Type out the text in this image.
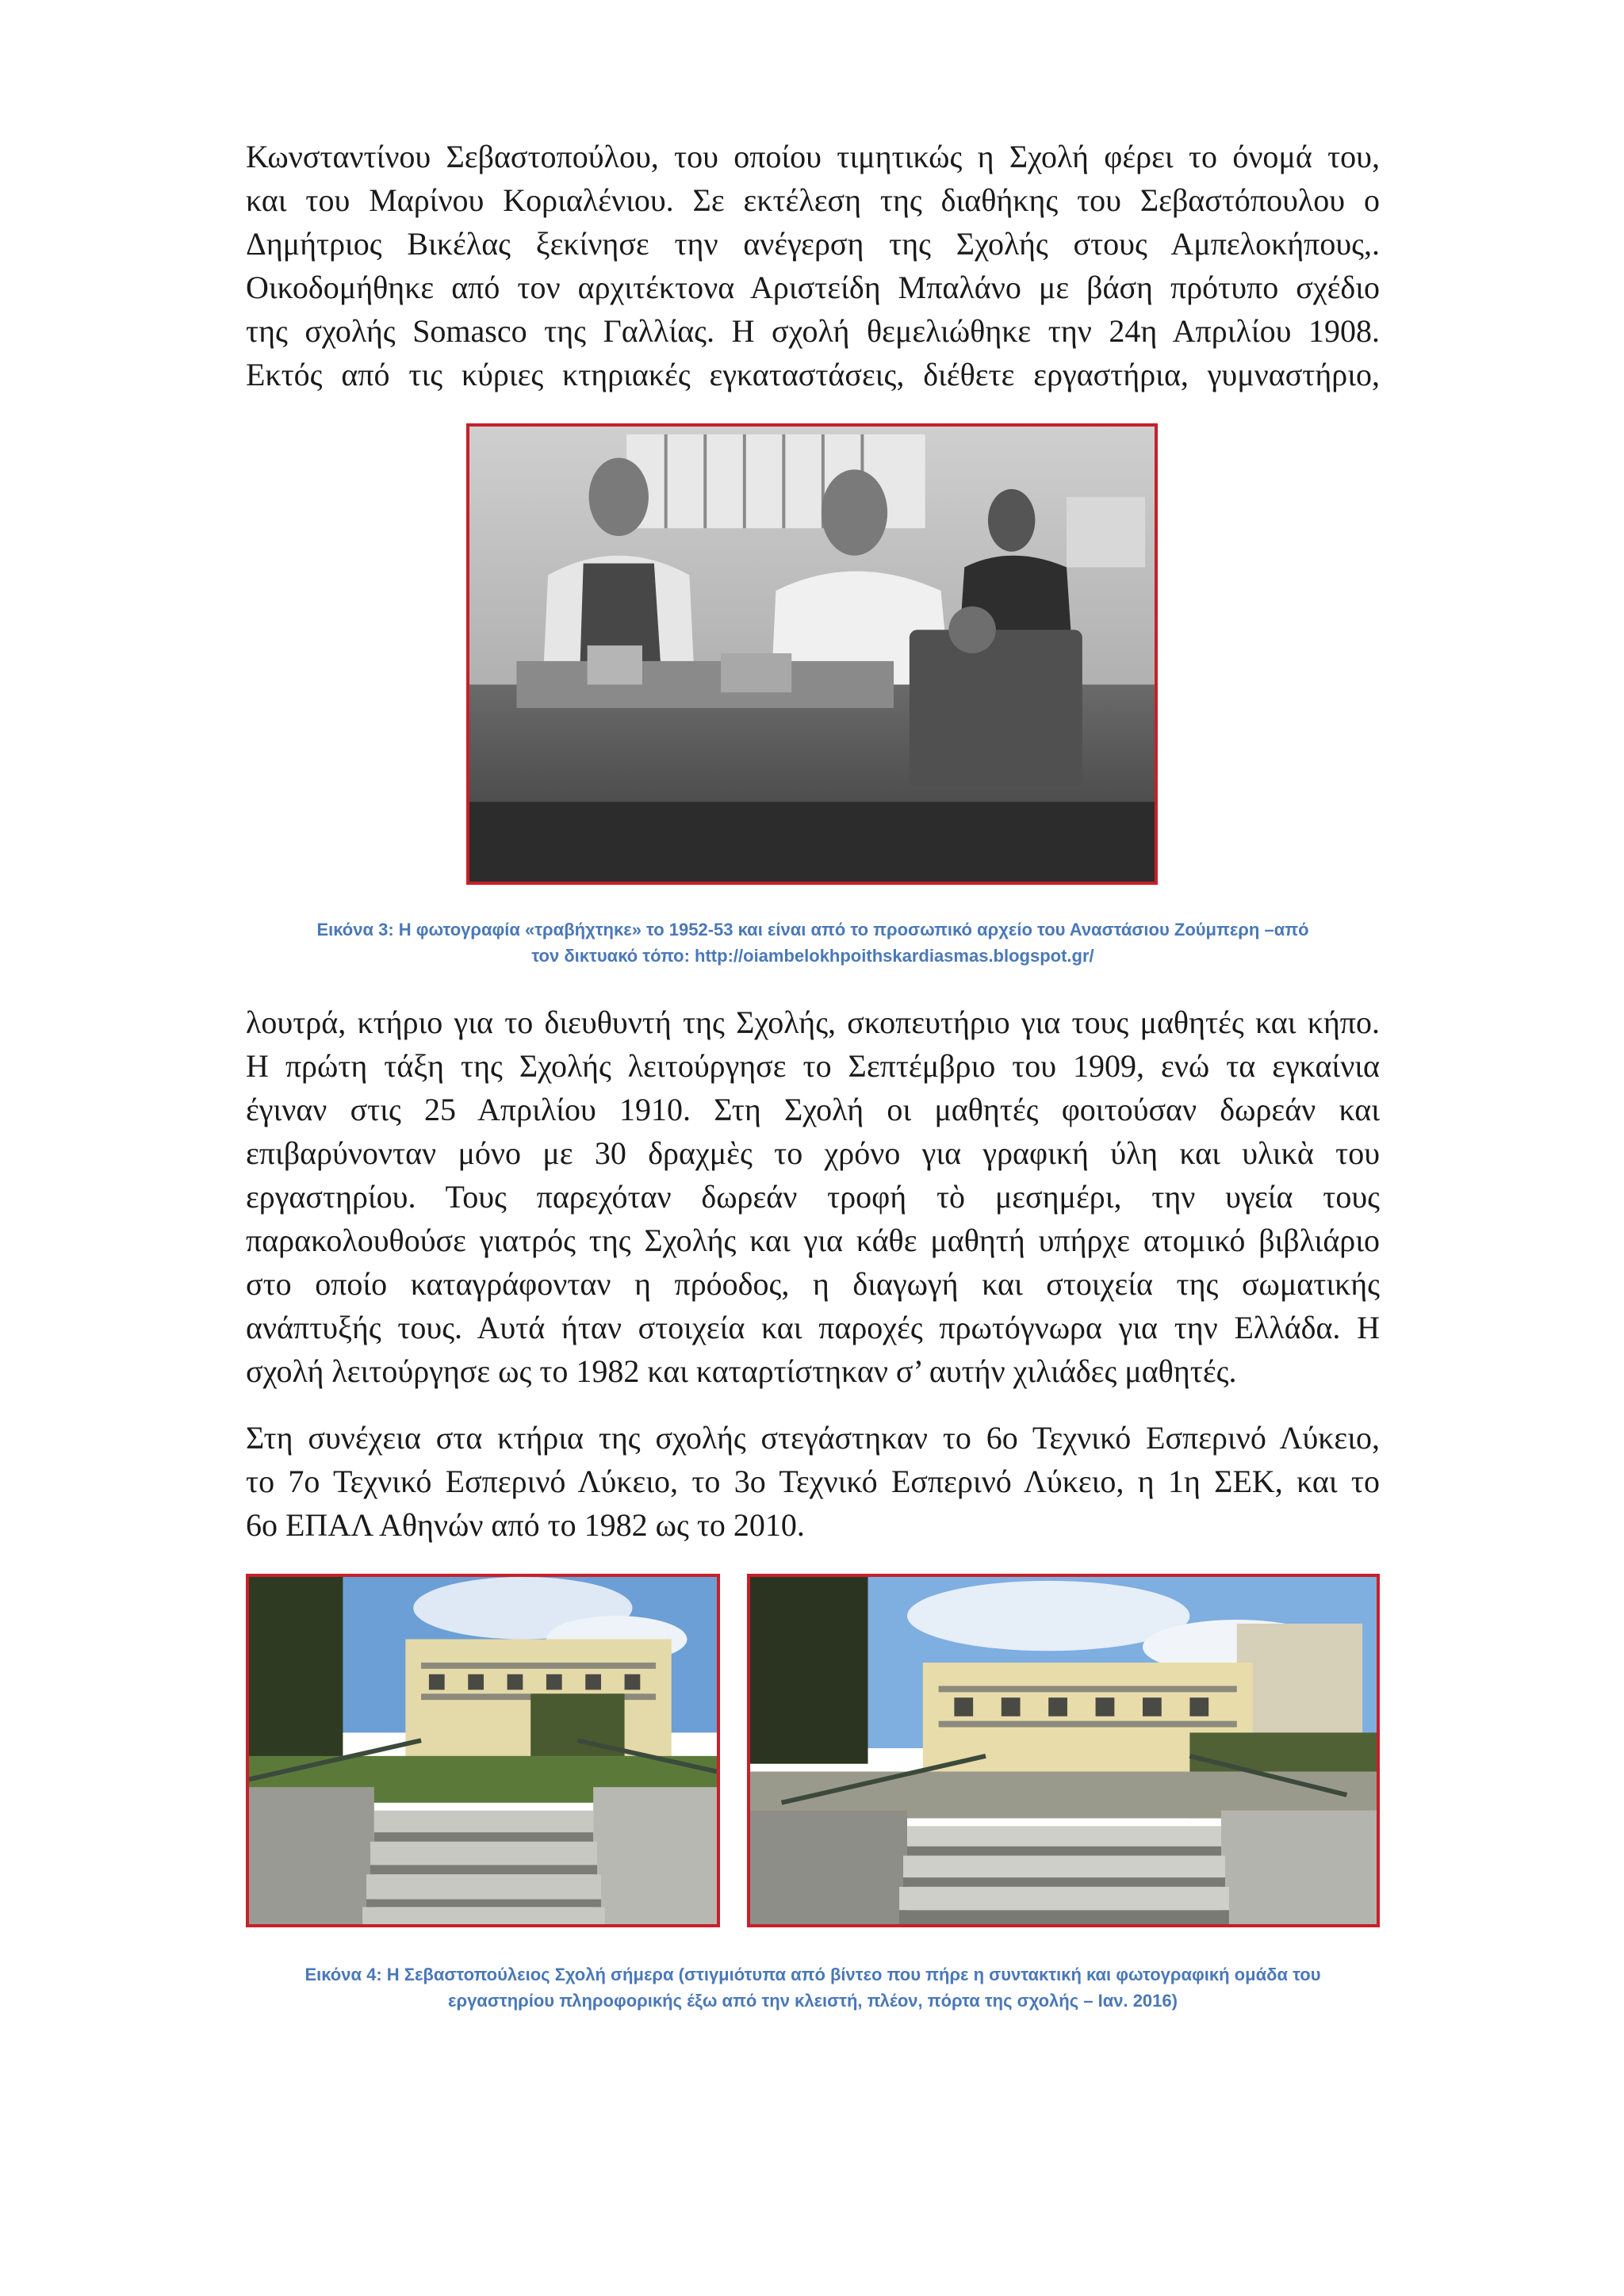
Κωνσταντίνου Σεβαστοπούλου, του οποίου τιμητικώς η Σχολή φέρει το όνομά του,
και του Μαρίνου Κοριαλένιου. Σε εκτέλεση της διαθήκης του Σεβαστόπουλου ο
Δημήτριος Βικέλας ξεκίνησε την ανέγερση της Σχολής στους Αμπελοκήπους,.
Οικοδομήθηκε από τον αρχιτέκτονα Αριστείδη Μπαλάνο με βάση πρότυπο σχέδιο
της σχολής Somasco της Γαλλίας. Η σχολή θεμελιώθηκε την 24η Απριλίου 1908.
Εκτός από τις κύριες κτηριακές εγκαταστάσεις, διέθετε εργαστήρια, γυμναστήριο,

Εικόνα 3: Η φωτογραφία «τραβήχτηκε» το 1952-53 και είναι από το προσωπικό αρχείο του Αναστάσιου Ζούμπερη –από
τον δικτυακό τόπο: http://oiambelokhpoithskardiasmas.blogspot.gr/

λουτρά, κτήριο για το διευθυντή της Σχολής, σκοπευτήριο για τους μαθητές και κήπο.
Η πρώτη τάξη της Σχολής λειτούργησε το Σεπτέμβριο του 1909, ενώ τα εγκαίνια
έγιναν στις 25 Απριλίου 1910. Στη Σχολή οι μαθητές φοιτούσαν δωρεάν και
επιβαρύνονταν μόνο με 30 δραχμὲς το χρόνο για γραφική ύλη και υλικὰ του
εργαστηρίου. Τους παρεχόταν δωρεάν τροφή τὸ μεσημέρι, την υγεία τους
παρακολουθούσε γιατρός της Σχολής και για κάθε μαθητή υπήρχε ατομικό βιβλιάριο
στο οποίο καταγράφονταν η πρόοδος, η διαγωγή και στοιχεία της σωματικής
ανάπτυξής τους. Αυτά ήταν στοιχεία και παροχές πρωτόγνωρα για την Ελλάδα. Η
σχολή λειτούργησε ως το 1982 και καταρτίστηκαν σ’ αυτήν χιλιάδες μαθητές.

Στη συνέχεια στα κτήρια της σχολής στεγάστηκαν το 6ο Τεχνικό Εσπερινό Λύκειο,
το 7ο Τεχνικό Εσπερινό Λύκειο, το 3ο Τεχνικό Εσπερινό Λύκειο, η 1η ΣΕΚ, και το
6ο ΕΠΑΛ Αθηνών από το 1982 ως το 2010.

Εικόνα 4: Η Σεβαστοπούλειος Σχολή σήμερα (στιγμιότυπα από βίντεο που πήρε η συντακτική και φωτογραφική ομάδα του
εργαστηρίου πληροφορικής έξω από την κλειστή, πλέον, πόρτα της σχολής – Ιαν. 2016)
